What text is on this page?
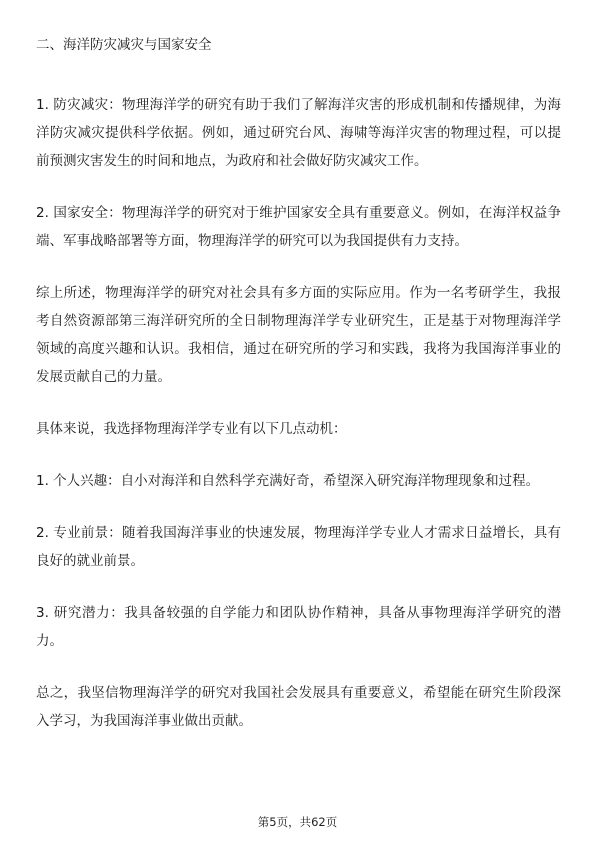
二、海洋防灾减灾与国家安全

1. 防灾减灾：物理海洋学的研究有助于我们了解海洋灾害的形成机制和传播规律，为海洋防灾减灾提供科学依据。例如，通过研究台风、海啸等海洋灾害的物理过程，可以提前预测灾害发生的时间和地点，为政府和社会做好防灾减灾工作。

2. 国家安全：物理海洋学的研究对于维护国家安全具有重要意义。例如，在海洋权益争端、军事战略部署等方面，物理海洋学的研究可以为我国提供有力支持。

综上所述，物理海洋学的研究对社会具有多方面的实际应用。作为一名考研学生，我报考自然资源部第三海洋研究所的全日制物理海洋学专业研究生，正是基于对物理海洋学领域的高度兴趣和认识。我相信，通过在研究所的学习和实践，我将为我国海洋事业的发展贡献自己的力量。

具体来说，我选择物理海洋学专业有以下几点动机：

1. 个人兴趣：自小对海洋和自然科学充满好奇，希望深入研究海洋物理现象和过程。

2. 专业前景：随着我国海洋事业的快速发展，物理海洋学专业人才需求日益增长，具有良好的就业前景。

3. 研究潜力：我具备较强的自学能力和团队协作精神，具备从事物理海洋学研究的潜力。

总之，我坚信物理海洋学的研究对我国社会发展具有重要意义，希望能在研究生阶段深入学习，为我国海洋事业做出贡献。

第5页，共62页
